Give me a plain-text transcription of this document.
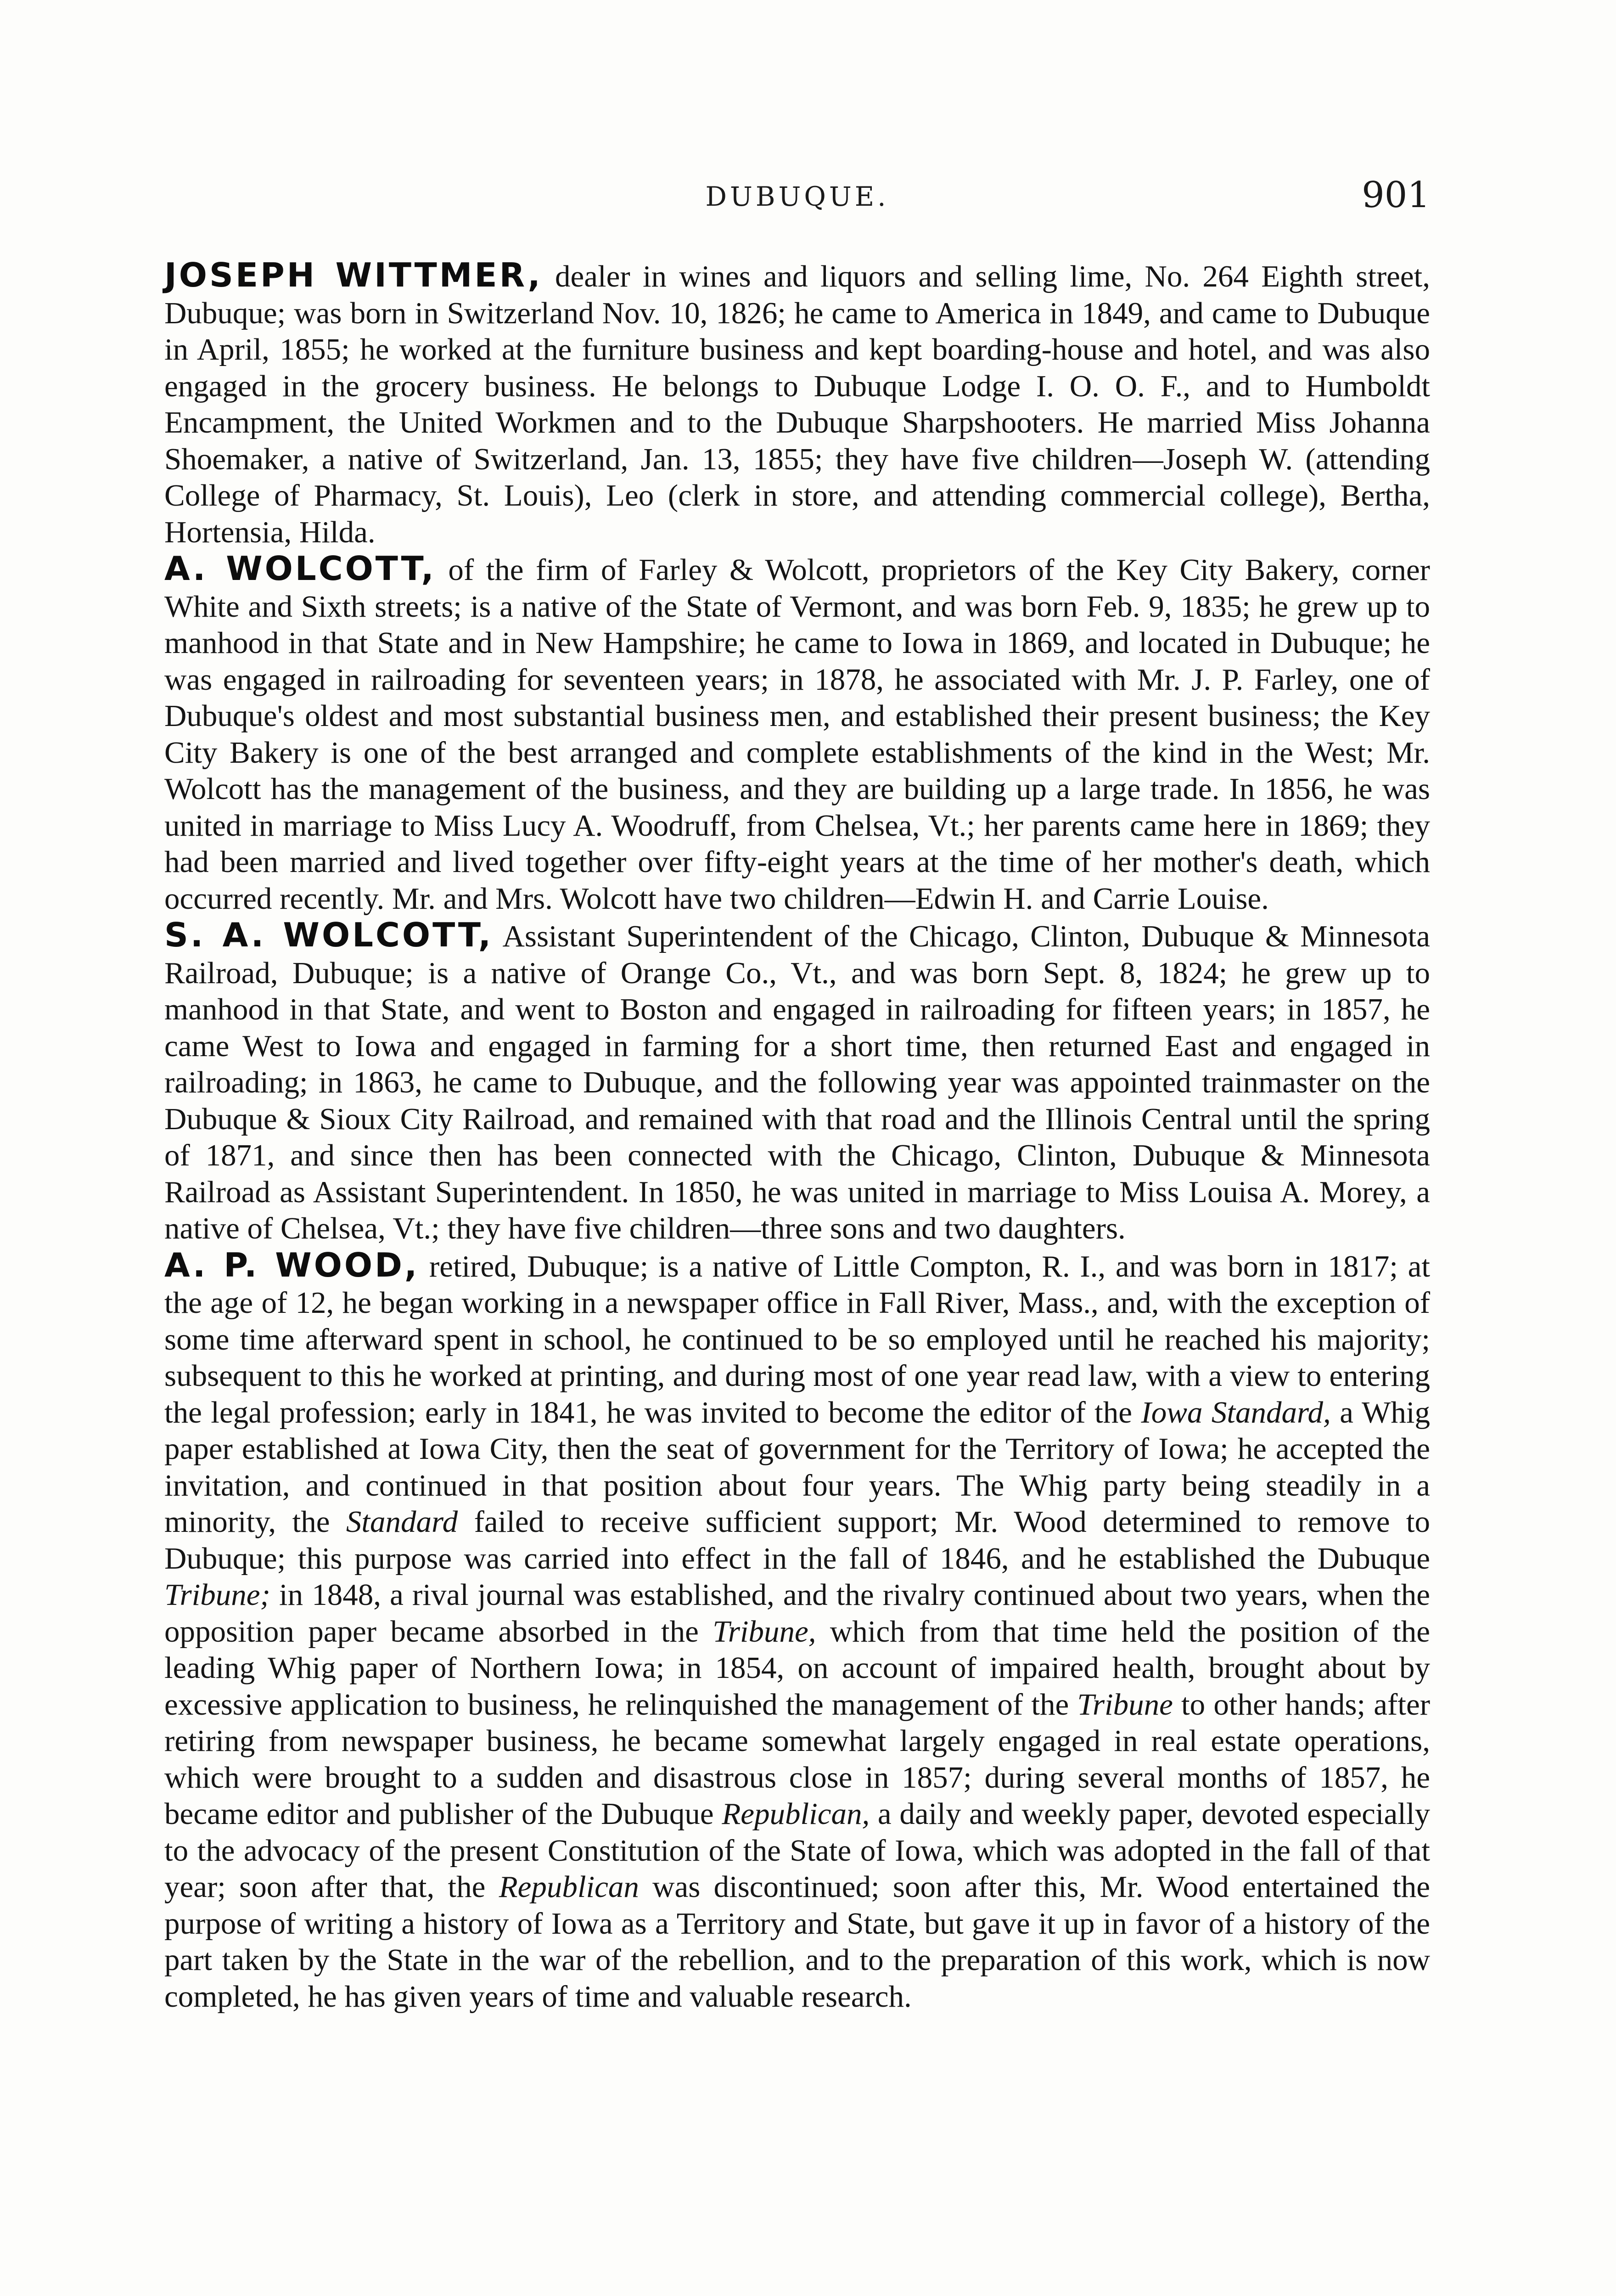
DUBUQUE.	901

JOSEPH WITTMER, dealer in wines and liquors and selling lime, No. 264 Eighth street, Dubuque; was born in Switzerland Nov. 10, 1826; he came to America in 1849, and came to Dubuque in April, 1855; he worked at the furniture business and kept boarding-house and hotel, and was also engaged in the grocery business. He belongs to Dubuque Lodge I. O. O. F., and to Humboldt Encampment, the United Workmen and to the Dubuque Sharpshooters. He married Miss Johanna Shoemaker, a native of Switzerland, Jan. 13, 1855; they have five children—Joseph W. (attending College of Pharmacy, St. Louis), Leo (clerk in store, and attending commercial college), Bertha, Hortensia, Hilda.

A. WOLCOTT, of the firm of Farley & Wolcott, proprietors of the Key City Bakery, corner White and Sixth streets; is a native of the State of Vermont, and was born Feb. 9, 1835; he grew up to manhood in that State and in New Hampshire; he came to Iowa in 1869, and located in Dubuque; he was engaged in railroading for seventeen years; in 1878, he associated with Mr. J. P. Farley, one of Dubuque's oldest and most substantial business men, and established their present business; the Key City Bakery is one of the best arranged and complete establishments of the kind in the West; Mr. Wolcott has the management of the business, and they are building up a large trade. In 1856, he was united in marriage to Miss Lucy A. Woodruff, from Chelsea, Vt.; her parents came here in 1869; they had been married and lived together over fifty-eight years at the time of her mother's death, which occurred recently. Mr. and Mrs. Wolcott have two children—Edwin H. and Carrie Louise.

S. A. WOLCOTT, Assistant Superintendent of the Chicago, Clinton, Dubuque & Minnesota Railroad, Dubuque; is a native of Orange Co., Vt., and was born Sept. 8, 1824; he grew up to manhood in that State, and went to Boston and engaged in railroading for fifteen years; in 1857, he came West to Iowa and engaged in farming for a short time, then returned East and engaged in railroading; in 1863, he came to Dubuque, and the following year was appointed trainmaster on the Dubuque & Sioux City Railroad, and remained with that road and the Illinois Central until the spring of 1871, and since then has been connected with the Chicago, Clinton, Dubuque & Minnesota Railroad as Assistant Superintendent. In 1850, he was united in marriage to Miss Louisa A. Morey, a native of Chelsea, Vt.; they have five children—three sons and two daughters.

A. P. WOOD, retired, Dubuque; is a native of Little Compton, R. I., and was born in 1817; at the age of 12, he began working in a newspaper office in Fall River, Mass., and, with the exception of some time afterward spent in school, he continued to be so employed until he reached his majority; subsequent to this he worked at printing, and during most of one year read law, with a view to entering the legal profession; early in 1841, he was invited to become the editor of the Iowa Standard, a Whig paper established at Iowa City, then the seat of government for the Territory of Iowa; he accepted the invitation, and continued in that position about four years. The Whig party being steadily in a minority, the Standard failed to receive sufficient support; Mr. Wood determined to remove to Dubuque; this purpose was carried into effect in the fall of 1846, and he established the Dubuque Tribune; in 1848, a rival journal was established, and the rivalry continued about two years, when the opposition paper became absorbed in the Tribune, which from that time held the position of the leading Whig paper of Northern Iowa; in 1854, on account of impaired health, brought about by excessive application to business, he relinquished the management of the Tribune to other hands; after retiring from newspaper business, he became somewhat largely engaged in real estate operations, which were brought to a sudden and disastrous close in 1857; during several months of 1857, he became editor and publisher of the Dubuque Republican, a daily and weekly paper, devoted especially to the advocacy of the present Constitution of the State of Iowa, which was adopted in the fall of that year; soon after that, the Republican was discontinued; soon after this, Mr. Wood entertained the purpose of writing a history of Iowa as a Territory and State, but gave it up in favor of a history of the part taken by the State in the war of the rebellion, and to the preparation of this work, which is now completed, he has given years of time and valuable research.
